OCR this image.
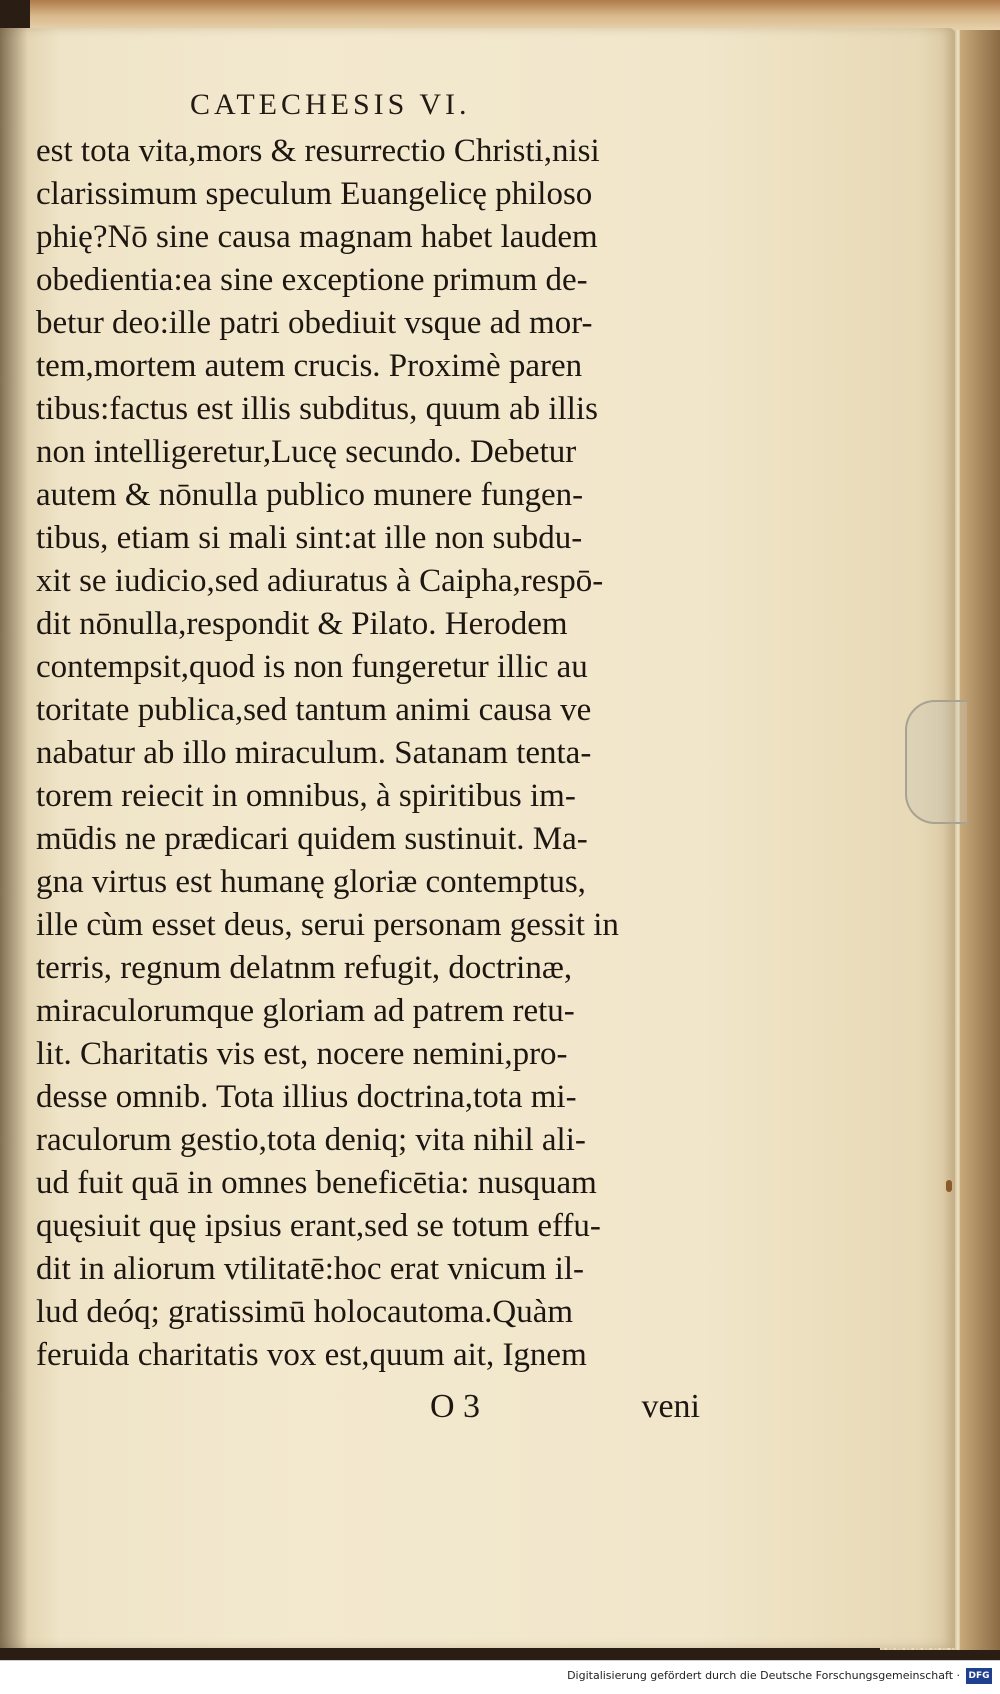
CATECHESIS VI.
est tota vita,mors & resurrectio Christi,nisi
clarissimum speculum Euangelicę philoso
phię?Nō sine causa magnam habet laudem
obedientia:ea sine exceptione primum de-
betur deo:ille patri obediuit vsque ad mor-
tem,mortem autem crucis. Proximè paren
tibus:factus est illis subditus, quum ab illis
non intelligeretur,Lucę secundo. Debetur
autem & nōnulla publico munere fungen-
tibus, etiam si mali sint:at ille non subdu-
xit se iudicio,sed adiuratus à Caipha,respō-
dit nōnulla,respondit & Pilato. Herodem
contempsit,quod is non fungeretur illic au
toritate publica,sed tantum animi causa ve
nabatur ab illo miraculum. Satanam tenta-
torem reiecit in omnibus, à spiritibus im-
mūdis ne prædicari quidem sustinuit. Ma-
gna virtus est humanę gloriæ contemptus,
ille cùm esset deus, serui personam gessit in
terris, regnum delatnm refugit, doctrinæ,
miraculorumque gloriam ad patrem retu-
lit. Charitatis vis est, nocere nemini,pro-
desse omnib. Tota illius doctrina,tota mi-
raculorum gestio,tota deniq; vita nihil ali-
ud fuit quā in omnes beneficētia: nusquam
quęsiuit quę ipsius erant,sed se totum effu-
dit in aliorum vtilitatē:hoc erat vnicum il-
lud deóq; gratissimū holocautoma.Quàm
feruida charitatis vox est,quum ait, Ignem
O 3	veni
Digitalisierung gefördert durch die Deutsche Forschungsgemeinschaft · DFG
